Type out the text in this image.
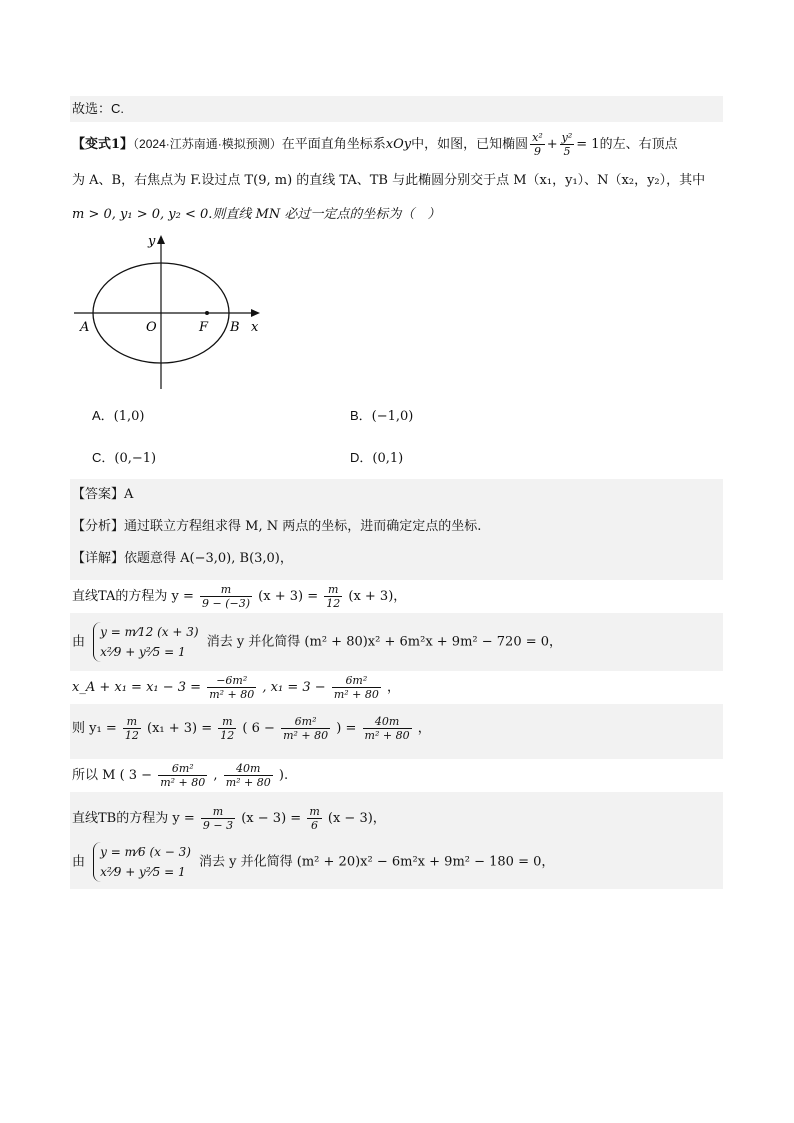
故选：C.
【变式1】（2024·江苏南通·模拟预测）在平面直角坐标系xOy中，如图，已知椭圆 $\frac{\text{x²}}{9} + \frac{\text{y²}}{5} = 1$的左、右顶点
为 A、B，右焦点为 F.设过点 T(9, m) 的直线 TA、TB 与此椭圆分别交于点 M（x₁，y₁）、N（x₂，y₂），其中
m > 0, y₁ > 0, y₂ < 0.则直线 MN 必过一定点的坐标为（　）
y
x
A	O	F B
A．(1,0)	B．(−1,0)
C．(0,−1)	D．(0,1)
【答案】A
【分析】通过联立方程组求得 M, N 两点的坐标，进而确定定点的坐标.
【详解】依题意得 A(−3,0), B(3,0)，
直线TA的方程为 $y = \frac{m}{9 - (-3)} (x + 3) = \frac{m}{12} (x + 3)$，
由
y = m⁄12 (x + 3)
x²⁄9 + y²⁄5 = 1
消去 y 并化简得 (m² + 80)x² + 6m²x + 9m² − 720 = 0，
x_A + $x_1 = x_1 - 3 = \frac{\text{−6m²}}{\text{m² + 80}}$ , $x_1 = 3 - \frac{\text{6m²}}{\text{m² + 80}}$ ，
则 $y_1 = \frac{m}{12} (x_1 + 3) = \frac{m}{12}$ ( $6 - \frac{\text{6m²}}{\text{m² + 80}}$ ) = $\frac{40m}{\text{m² + 80}}$ ，
所以 M ( $3 - \frac{\text{6m²}}{\text{m² + 80}}$ , $\frac{40m}{\text{m² + 80}}$ ).
直线TB的方程为 $y = \frac{m}{9 - 3} (x - 3) = \frac{m}{6} (x - 3)$，
由
y = m⁄6 (x − 3)
x²⁄9 + y²⁄5 = 1
消去 y 并化简得 (m² + 20)x² − 6m²x + 9m² − 180 = 0，
